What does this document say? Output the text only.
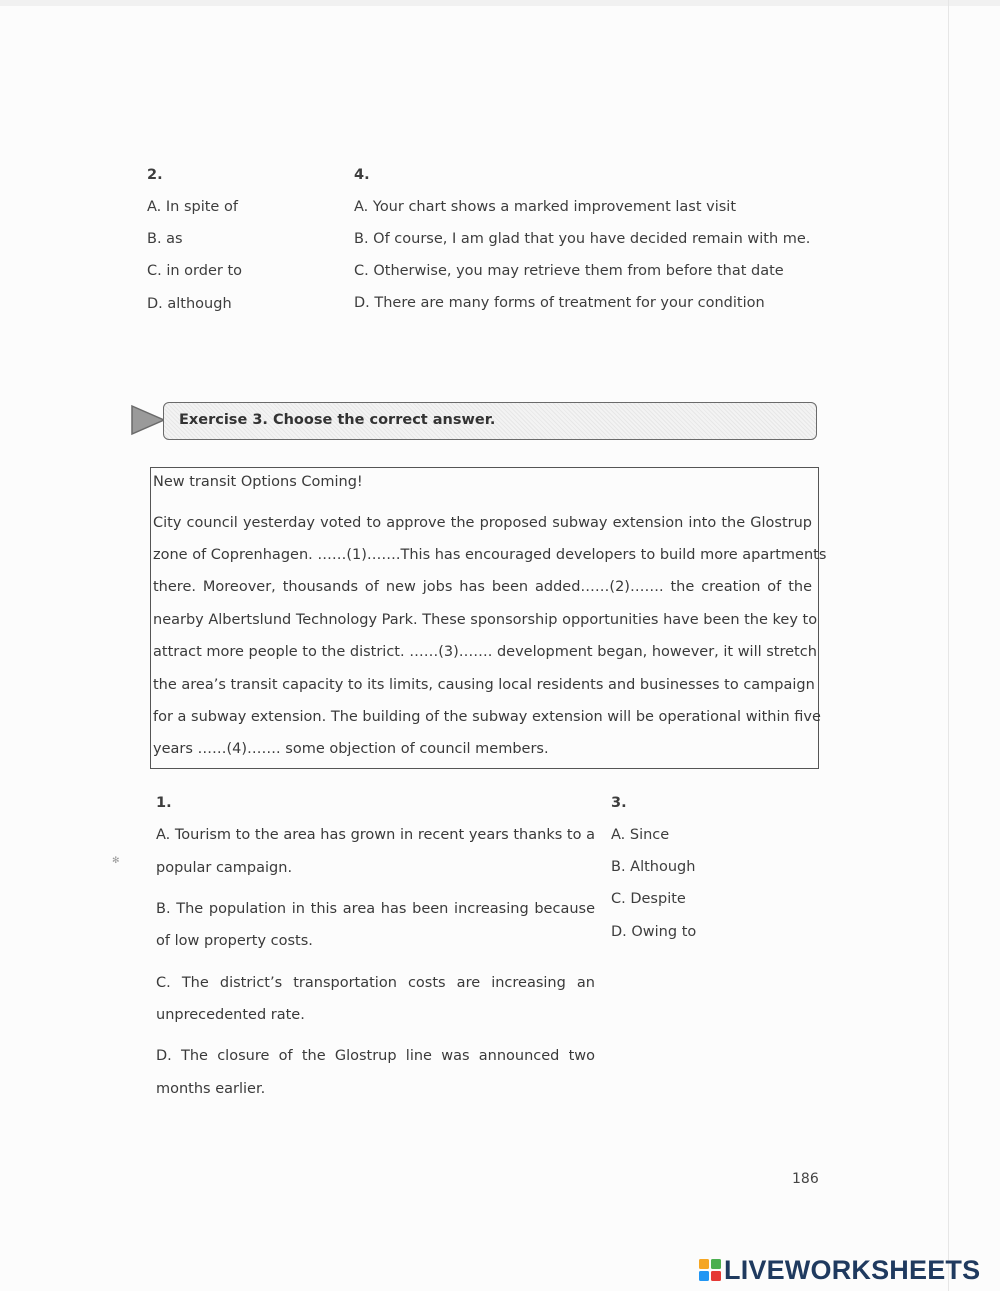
2.
A. In spite of
B. as
C. in order to
D. although
4.
A. Your chart shows a marked improvement last visit
B. Of course, I am glad that you have decided remain with me.
C. Otherwise, you may retrieve them from before that date
D. There are many forms of treatment for your condition
Exercise 3. Choose the correct answer.
New transit Options Coming!
City council yesterday voted to approve the proposed subway extension into the Glostrup
zone of Coprenhagen. ……(1)…….This has encouraged developers to build more apartments
there. Moreover, thousands of new jobs has been added……(2)……. the creation of the
nearby Albertslund Technology Park. These sponsorship opportunities have been the key to
attract more people to the district. ……(3)……. development began, however, it will stretch
the area’s transit capacity to its limits, causing local residents and businesses to campaign
for a subway extension. The building of the subway extension will be operational within five
years ……(4)……. some objection of council members.
1.
A. Tourism to the area has grown in recent years thanks to a
popular campaign.
B. The population in this area has been increasing because
of low property costs.
C. The district’s transportation costs are increasing an
unprecedented rate.
D. The closure of the Glostrup line was announced two
months earlier.
3.
A. Since
B. Although
C. Despite
D. Owing to
✻
186
LIVEWORKSHEETS
